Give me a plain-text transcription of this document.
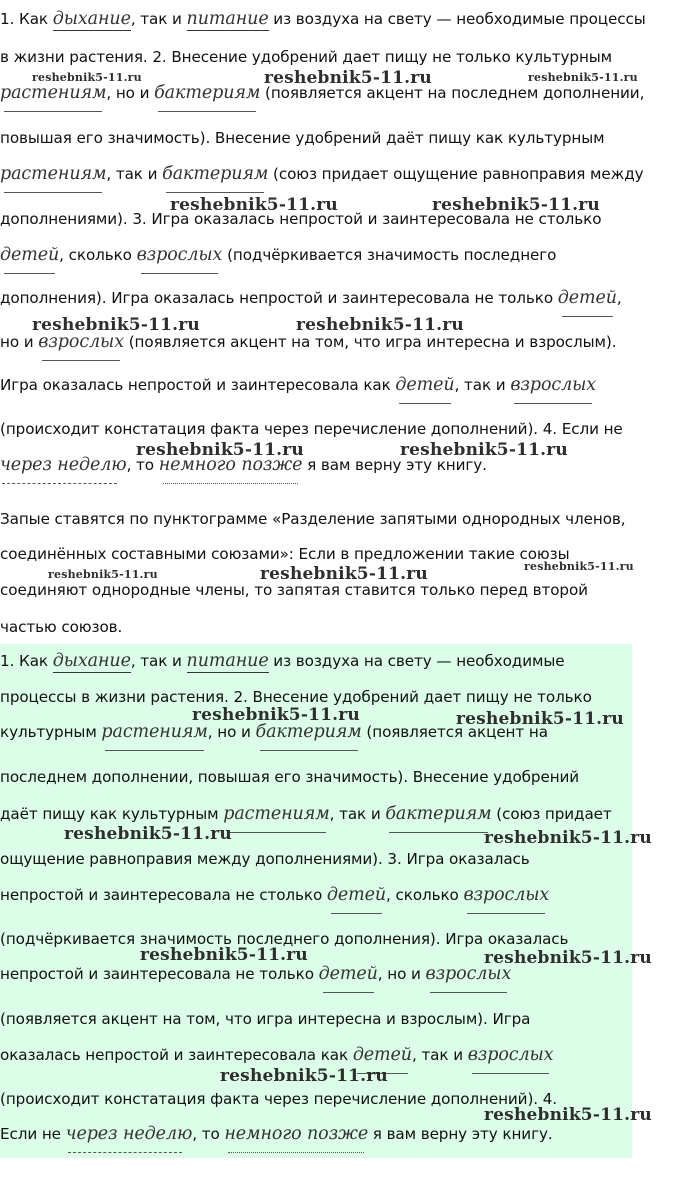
1. Как дыхание, так и питание из воздуха на свету — необходимые процессы
в жизни растения. 2. Внесение удобрений дает пищу не только культурным
растениям, но и бактериям (появляется акцент на последнем дополнении,
повышая его значимость). Внесение удобрений даёт пищу как культурным
растениям, так и бактериям (союз придает ощущение равноправия между
дополнениями). 3. Игра оказалась непростой и заинтересовала не столько
детей, сколько взрослых (подчёркивается значимость последнего
дополнения). Игра оказалась непростой и заинтересовала не только детей,
но и взрослых (появляется акцент на том, что игра интересна и взрослым).
Игра оказалась непростой и заинтересовала как детей, так и взрослых
(происходит констатация факта через перечисление дополнений). 4. Если не
через неделю, то немного позже я вам верну эту книгу.
Запые ставятся по пунктограмме «Разделение запятыми однородных членов,
соединённых составными союзами»: Если в предложении такие союзы
соединяют однородные члены, то запятая ставится только перед второй
частью союзов.
1. Как дыхание, так и питание из воздуха на свету — необходимые
процессы в жизни растения. 2. Внесение удобрений дает пищу не только
культурным растениям, но и бактериям (появляется акцент на
последнем дополнении, повышая его значимость). Внесение удобрений
даёт пищу как культурным растениям, так и бактериям (союз придает
ощущение равноправия между дополнениями). 3. Игра оказалась
непростой и заинтересовала не столько детей, сколько взрослых
(подчёркивается значимость последнего дополнения). Игра оказалась
непростой и заинтересовала не только детей, но и взрослых
(появляется акцент на том, что игра интересна и взрослым). Игра
оказалась непростой и заинтересовала как детей, так и взрослых
(происходит констатация факта через перечисление дополнений). 4.
Если не через неделю, то немного позже я вам верну эту книгу.
reshebnik5-11.ru	reshebnik5-11.ru	reshebnik5-11.ru
reshebnik5-11.ru	reshebnik5-11.ru
reshebnik5-11.ru	reshebnik5-11.ru
reshebnik5-11.ru	reshebnik5-11.ru
reshebnik5-11.ru	reshebnik5-11.ru	reshebnik5-11.ru
reshebnik5-11.ru	reshebnik5-11.ru
reshebnik5-11.ru	reshebnik5-11.ru
reshebnik5-11.ru	reshebnik5-11.ru
reshebnik5-11.ru
reshebnik5-11.ru
